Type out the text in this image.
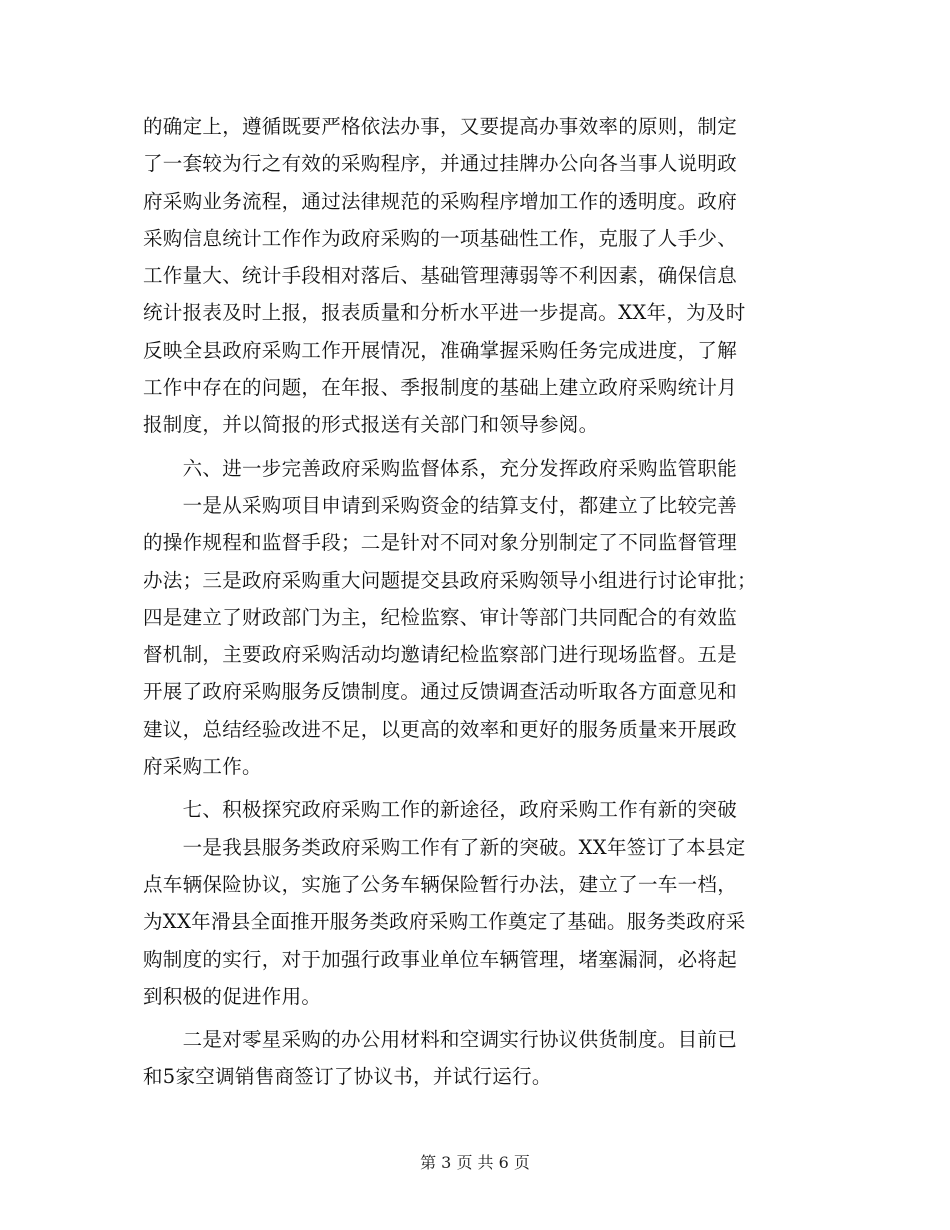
的确定上，遵循既要严格依法办事，又要提高办事效率的原则，制定
了一套较为行之有效的采购程序，并通过挂牌办公向各当事人说明政
府采购业务流程，通过法律规范的采购程序增加工作的透明度。政府
采购信息统计工作作为政府采购的一项基础性工作，克服了人手少、
工作量大、统计手段相对落后、基础管理薄弱等不利因素，确保信息
统计报表及时上报，报表质量和分析水平进一步提高。XX年，为及时
反映全县政府采购工作开展情况，准确掌握采购任务完成进度，了解
工作中存在的问题，在年报、季报制度的基础上建立政府采购统计月
报制度，并以简报的形式报送有关部门和领导参阅。
　　六、进一步完善政府采购监督体系，充分发挥政府采购监管职能
　　一是从采购项目申请到采购资金的结算支付，都建立了比较完善
的操作规程和监督手段；二是针对不同对象分别制定了不同监督管理
办法；三是政府采购重大问题提交县政府采购领导小组进行讨论审批；
四是建立了财政部门为主，纪检监察、审计等部门共同配合的有效监
督机制，主要政府采购活动均邀请纪检监察部门进行现场监督。五是
开展了政府采购服务反馈制度。通过反馈调查活动听取各方面意见和
建议，总结经验改进不足，以更高的效率和更好的服务质量来开展政
府采购工作。
　　七、积极探究政府采购工作的新途径，政府采购工作有新的突破
　　一是我县服务类政府采购工作有了新的突破。XX年签订了本县定
点车辆保险协议，实施了公务车辆保险暂行办法，建立了一车一档，
为XX年滑县全面推开服务类政府采购工作奠定了基础。服务类政府采
购制度的实行，对于加强行政事业单位车辆管理，堵塞漏洞，必将起
到积极的促进作用。
　　二是对零星采购的办公用材料和空调实行协议供货制度。目前已
和5家空调销售商签订了协议书，并试行运行。
第 3 页 共 6 页
